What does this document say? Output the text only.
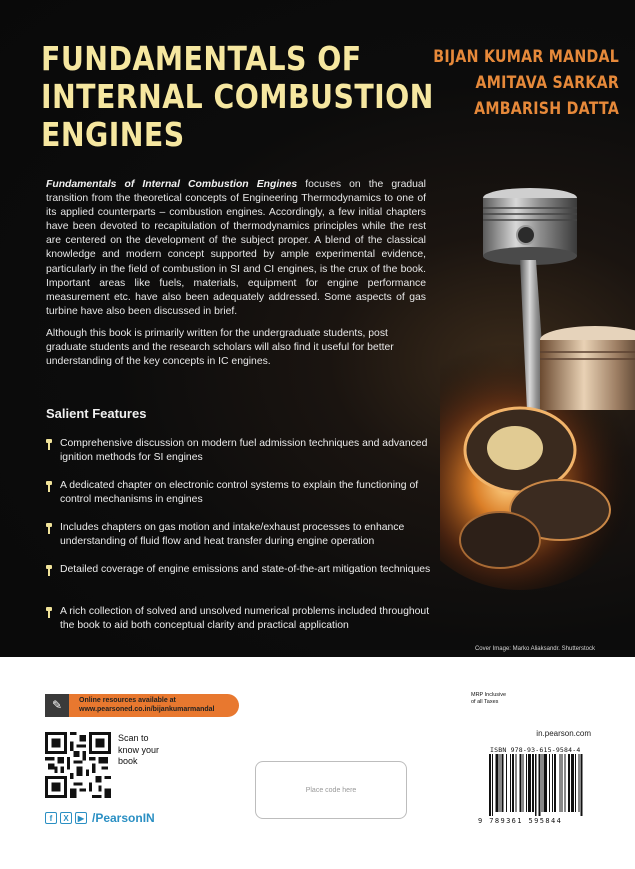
FUNDAMENTALS OF
INTERNAL COMBUSTION
ENGINES
BIJAN KUMAR MANDAL
AMITAVA SARKAR
AMBARISH DATTA

Fundamentals of Internal Combustion Engines focuses on the gradual transition from the theoretical concepts of Engineering Thermodynamics to one of its applied counterparts – combustion engines. Accordingly, a few initial chapters have been devoted to recapitulation of thermodynamics principles while the rest are centered on the development of the subject proper. A blend of the classical knowledge and modern concept supported by ample experimental evidence, particularly in the field of combustion in SI and CI engines, is the crux of the book. Important areas like fuels, materials, equipment for engine performance measurement etc. have also been adequately addressed. Some aspects of gas turbine have also been discussed in brief.

Although this book is primarily written for the undergraduate students, post graduate students and the research scholars will also find it useful for better understanding of the key concepts in IC engines.

Salient Features
Comprehensive discussion on modern fuel admission techniques and advanced ignition methods for SI engines
A dedicated chapter on electronic control systems to explain the functioning of control mechanisms in engines
Includes chapters on gas motion and intake/exhaust processes to enhance understanding of fluid flow and heat transfer during engine operation
Detailed coverage of engine emissions and state-of-the-art mitigation techniques
A rich collection of solved and unsolved numerical problems included throughout the book to aid both conceptual clarity and practical application
Cover Image: Marko Aliaksandr. Shutterstock
✎	Online resources available at
www.pearsoned.co.in/bijankumarmandal
Scan to know your book
f	X	▶ /PearsonIN
Place code here
MRP Inclusive
of all Taxes
in.pearson.com
ISBN 978-93-615-9584-4
9 789361 595844
